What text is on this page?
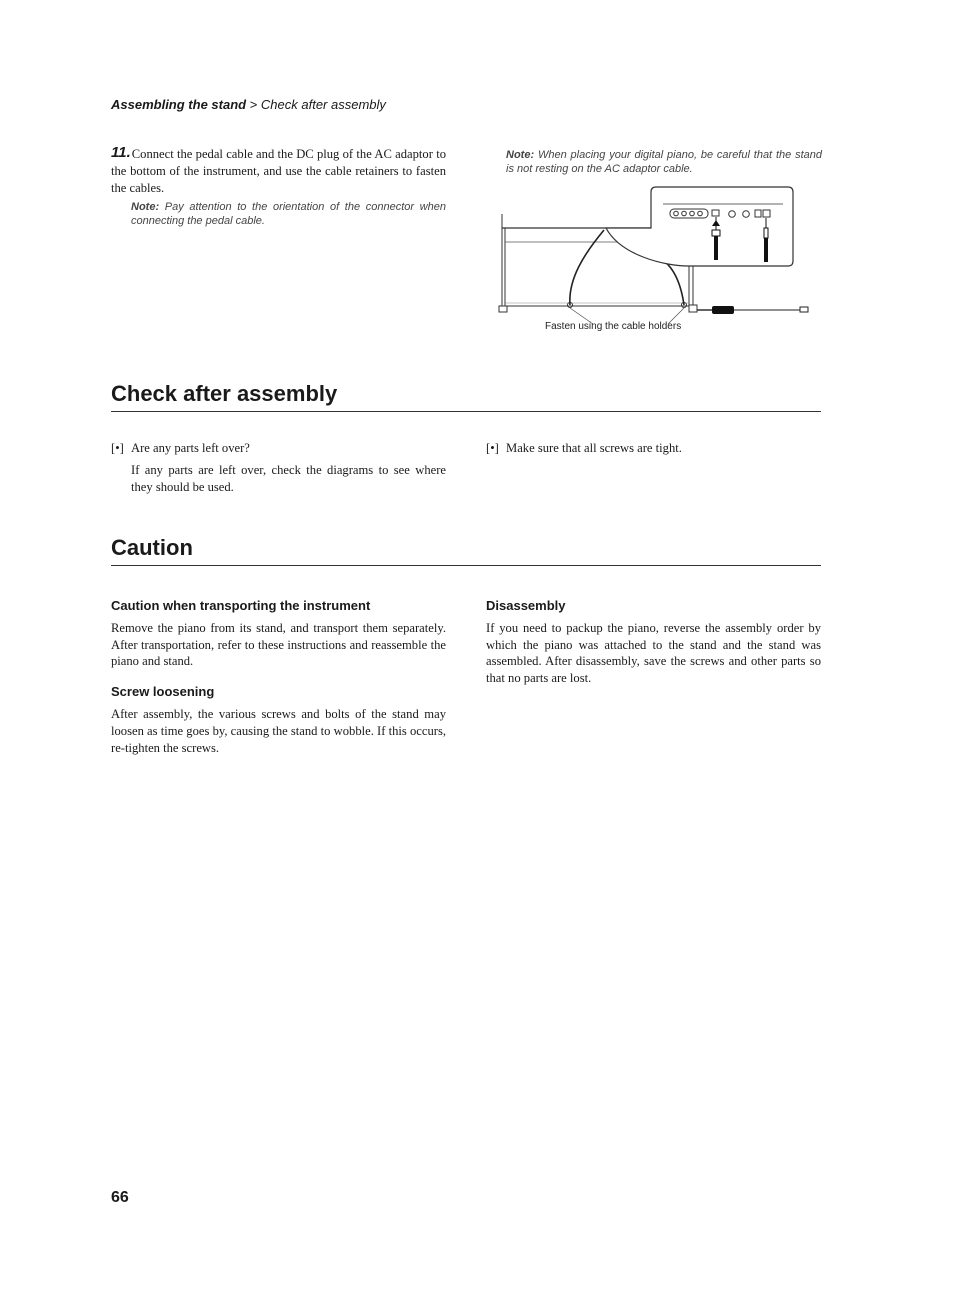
Assembling the stand > Check after assembly
11. Connect the pedal cable and the DC plug of the AC adaptor to the bottom of the instrument, and use the cable retainers to fasten the cables.
Note: Pay attention to the orientation of the connector when connecting the pedal cable.
Note: When placing your digital piano, be careful that the stand is not resting on the AC adaptor cable.
Fasten using the cable holders
Check after assembly
[•] Are any parts left over?
If any parts are left over, check the diagrams to see where they should be used.
[•] Make sure that all screws are tight.
Caution
Caution when transporting the instrument
Remove the piano from its stand, and transport them separately. After transportation, refer to these instructions and reassemble the piano and stand.
Screw loosening
After assembly, the various screws and bolts of the stand may loosen as time goes by, causing the stand to wobble. If this occurs, re-tighten the screws.
Disassembly
If you need to packup the piano, reverse the assembly order by which the piano was attached to the stand and the stand was assembled. After disassembly, save the screws and other parts so that no parts are lost.
66
